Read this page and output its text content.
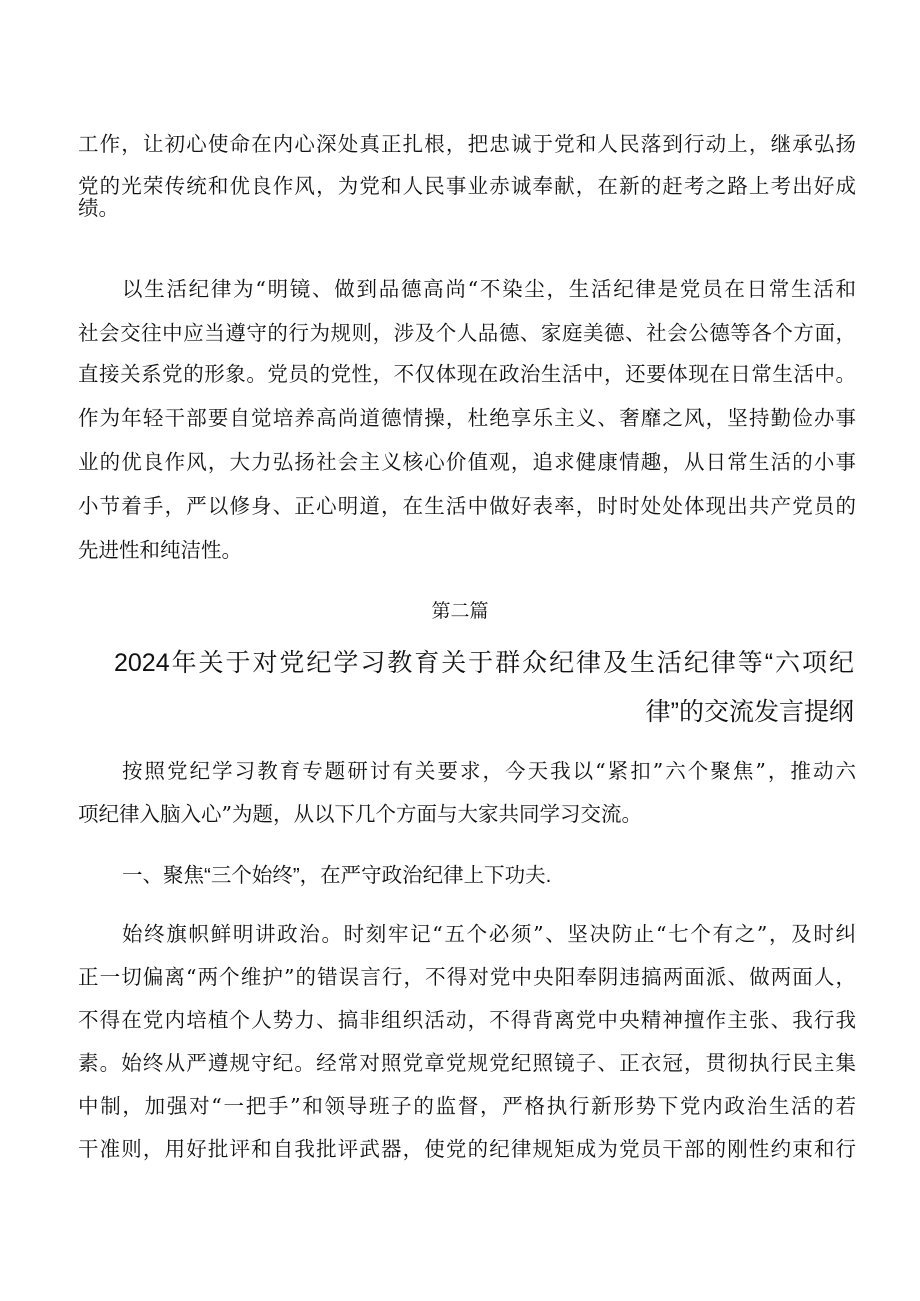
工作，让初心使命在内心深处真正扎根，把忠诚于党和人民落到行动上，继承弘扬
党的光荣传统和优良作风，为党和人民事业赤诚奉献，在新的赶考之路上考出好成
绩。
以生活纪律为“明镜、做到品德高尚“不染尘，生活纪律是党员在日常生活和
社会交往中应当遵守的行为规则，涉及个人品德、家庭美德、社会公德等各个方面，
直接关系党的形象。党员的党性，不仅体现在政治生活中，还要体现在日常生活中。
作为年轻干部要自觉培养高尚道德情操，杜绝享乐主义、奢靡之风，坚持勤俭办事
业的优良作风，大力弘扬社会主义核心价值观，追求健康情趣，从日常生活的小事
小节着手，严以修身、正心明道，在生活中做好表率，时时处处体现出共产党员的
先进性和纯洁性。
第二篇
2024年关于对党纪学习教育关于群众纪律及生活纪律等“六项纪
律”的交流发言提纲
按照党纪学习教育专题研讨有关要求，今天我以“紧扣”六个聚焦”，推动六
项纪律入脑入心”为题，从以下几个方面与大家共同学习交流。
一、聚焦“三个始终”，在严守政治纪律上下功夫.
始终旗帜鲜明讲政治。时刻牢记“五个必须”、坚决防止“七个有之”，及时纠
正一切偏离“两个维护”的错误言行，不得对党中央阳奉阴违搞两面派、做两面人，
不得在党内培植个人势力、搞非组织活动，不得背离党中央精神擅作主张、我行我
素。始终从严遵规守纪。经常对照党章党规党纪照镜子、正衣冠，贯彻执行民主集
中制，加强对“一把手”和领导班子的监督，严格执行新形势下党内政治生活的若
干准则，用好批评和自我批评武器，使党的纪律规矩成为党员干部的刚性约束和行
